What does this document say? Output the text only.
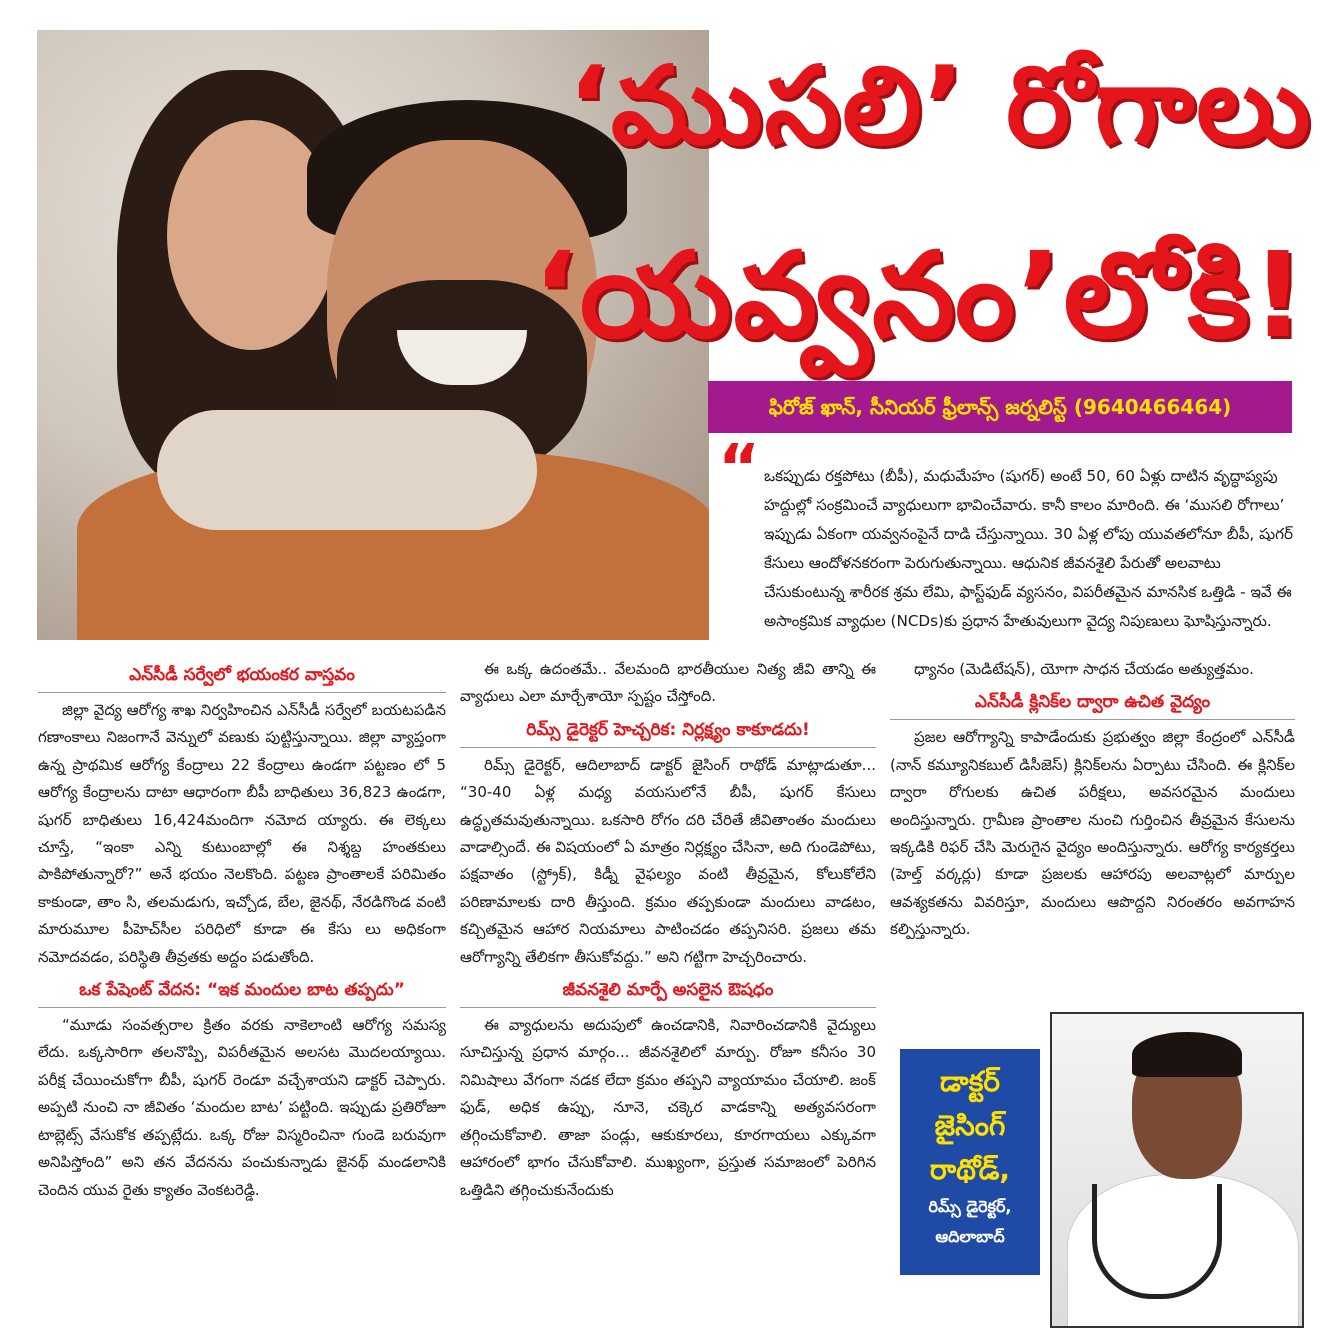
‘ముసలి’ రోగాలు
‘యవ్వనం’లోకి!
ఫిరోజ్ ఖాన్, సీనియర్ ఫ్రీలాన్స్ జర్నలిస్ట్ (9640466464)
“ ఒకప్పుడు రక్తపోటు (బీపీ), మధుమేహం (షుగర్) అంటే 50, 60 ఏళ్లు దాటిన వృద్ధాప్యపు హద్దుల్లో సంక్రమించే వ్యాధులుగా భావించేవారు. కానీ కాలం మారింది. ఈ ‘ముసలి రోగాలు’ ఇప్పుడు ఏకంగా యవ్వనంపైనే దాడి చేస్తున్నాయి. 30 ఏళ్ల లోపు యువతలోనూ బీపీ, షుగర్ కేసులు ఆందోళనకరంగా పెరుగుతున్నాయి. ఆధునిక జీవనశైలి పేరుతో అలవాటు చేసుకుంటున్న శారీరక శ్రమ లేమి, ఫాస్ట్‌ఫుడ్ వ్యసనం, విపరీతమైన మానసిక ఒత్తిడి - ఇవే ఈ అసాంక్రమిక వ్యాధుల (NCDs)కు ప్రధాన హేతువులుగా వైద్య నిపుణులు ఘోషిస్తున్నారు.
ఎన్‌సీడీ సర్వేలో భయంకర వాస్తవం

జిల్లా వైద్య ఆరోగ్య శాఖ నిర్వహించిన ఎన్‌సీడీ సర్వేలో బయటపడిన గణాంకాలు నిజంగానే వెన్నులో వణుకు పుట్టిస్తున్నాయి. జిల్లా వ్యాప్తంగా ఉన్న ప్రాథమిక ఆరోగ్య కేంద్రాలు 22 కేంద్రాలు ఉండగా పట్టణం లో 5 ఆరోగ్య కేంద్రాలను దాటా ఆధారంగా బీపీ బాధితులు 36,823 ఉండగా, షుగర్ బాధితులు 16,424మందిగా నమోద య్యారు. ఈ లెక్కలు చూస్తే, “ఇంకా ఎన్ని కుటుంబాల్లో ఈ నిశ్శబ్ద హంతకులు పాకిపోతున్నారో?” అనే భయం నెలకొంది. పట్టణ ప్రాంతాలకే పరిమితం కాకుండా, తాం సి, తలమడుగు, ఇచ్చోడ, బేల, జైనథ్, నేరడిగొండ వంటి మారుమూల పీహెచ్‌సీల పరిధిలో కూడా ఈ కేసు లు అధికంగా నమోదవడం, పరిస్థితి తీవ్రతకు అద్దం పడుతోంది.

ఒక పేషెంట్ వేదన: “ఇక మందుల బాట తప్పదు”

“మూడు సంవత్సరాల క్రితం వరకు నాకెలాంటి ఆరోగ్య సమస్య లేదు. ఒక్కసారిగా తలనొప్పి, విపరీతమైన అలసట మొదలయ్యాయి. పరీక్ష చేయించుకోగా బీపీ, షుగర్ రెండూ వచ్చేశాయని డాక్టర్ చెప్పారు. అప్పటి నుంచి నా జీవితం ‘మందుల బాట’ పట్టింది. ఇప్పుడు ప్రతిరోజూ టాబ్లెట్స్ వేసుకోక తప్పట్లేదు. ఒక్క రోజు విస్మరించినా గుండె బరువుగా అనిపిస్తోంది” అని తన వేదనను పంచుకున్నాడు జైనథ్ మండలానికి చెందిన యువ రైతు క్యాతం వెంకటరెడ్డి.

ఈ ఒక్క ఉదంతమే.. వేలమంది భారతీయుల నిత్య జీవి తాన్ని ఈ వ్యాధులు ఎలా మార్చేశాయో స్పష్టం చేస్తోంది.

రిమ్స్ డైరెక్టర్ హెచ్చరిక: నిర్లక్ష్యం కాకూడదు!

రిమ్స్ డైరెక్టర్, ఆదిలాబాద్ డాక్టర్ జైసింగ్ రాథోడ్ మాట్లాడుతూ... “30-40 ఏళ్ల మధ్య వయసులోనే బీపీ, షుగర్ కేసులు ఉద్ధృతమవుతున్నాయి. ఒకసారి రోగం దరి చేరితే జీవితాంతం మందులు వాడాల్సిందే. ఈ విషయంలో ఏ మాత్రం నిర్లక్ష్యం చేసినా, అది గుండెపోటు, పక్షవాతం (స్ట్రోక్), కిడ్నీ వైఫల్యం వంటి తీవ్రమైన, కోలుకోలేని పరిణామాలకు దారి తీస్తుంది. క్రమం తప్పకుండా మందులు వాడటం, కచ్చితమైన ఆహార నియమాలు పాటించడం తప్పనిసరి. ప్రజలు తమ ఆరోగ్యాన్ని తేలికగా తీసుకోవద్దు.” అని గట్టిగా హెచ్చరించారు.

జీవనశైలి మార్పే అసలైన ఔషధం

ఈ వ్యాధులను అదుపులో ఉంచడానికి, నివారించడానికి వైద్యులు సూచిస్తున్న ప్రధాన మార్గం... జీవనశైలిలో మార్పు. రోజూ కనీసం 30 నిమిషాలు వేగంగా నడక లేదా క్రమం తప్పని వ్యాయామం చేయాలి. జంక్ ఫుడ్, అధిక ఉప్పు, నూనె, చక్కెర వాడకాన్ని అత్యవసరంగా తగ్గించుకోవాలి. తాజా పండ్లు, ఆకుకూరలు, కూరగాయలు ఎక్కువగా ఆహారంలో భాగం చేసుకోవాలి. ముఖ్యంగా, ప్రస్తుత సమాజంలో పెరిగిన ఒత్తిడిని తగ్గించుకునేందుకు

ధ్యానం (మెడిటేషన్), యోగా సాధన చేయడం అత్యుత్తమం.

ఎన్‌సీడీ క్లినిక్‌ల ద్వారా ఉచిత వైద్యం

ప్రజల ఆరోగ్యాన్ని కాపాడేందుకు ప్రభుత్వం జిల్లా కేంద్రంలో ఎన్‌సీడీ (నాన్ కమ్యూనికబుల్ డిసీజెస్) క్లినిక్‌లను ఏర్పాటు చేసింది. ఈ క్లినిక్‌ల ద్వారా రోగులకు ఉచిత పరీక్షలు, అవసరమైన మందులు అందిస్తున్నారు. గ్రామీణ ప్రాంతాల నుంచి గుర్తించిన తీవ్రమైన కేసులను ఇక్కడికి రిఫర్ చేసి మెరుగైన వైద్యం అందిస్తున్నారు. ఆరోగ్య కార్యకర్తలు (హెల్త్ వర్కర్లు) కూడా ప్రజలకు ఆహారపు అలవాట్లలో మార్పుల ఆవశ్యకతను వివరిస్తూ, మందులు ఆపొద్దని నిరంతరం అవగాహన కల్పిస్తున్నారు.

డాక్టర్ జైసింగ్ రాథోడ్,
రిమ్స్ డైరెక్టర్, ఆదిలాబాద్
